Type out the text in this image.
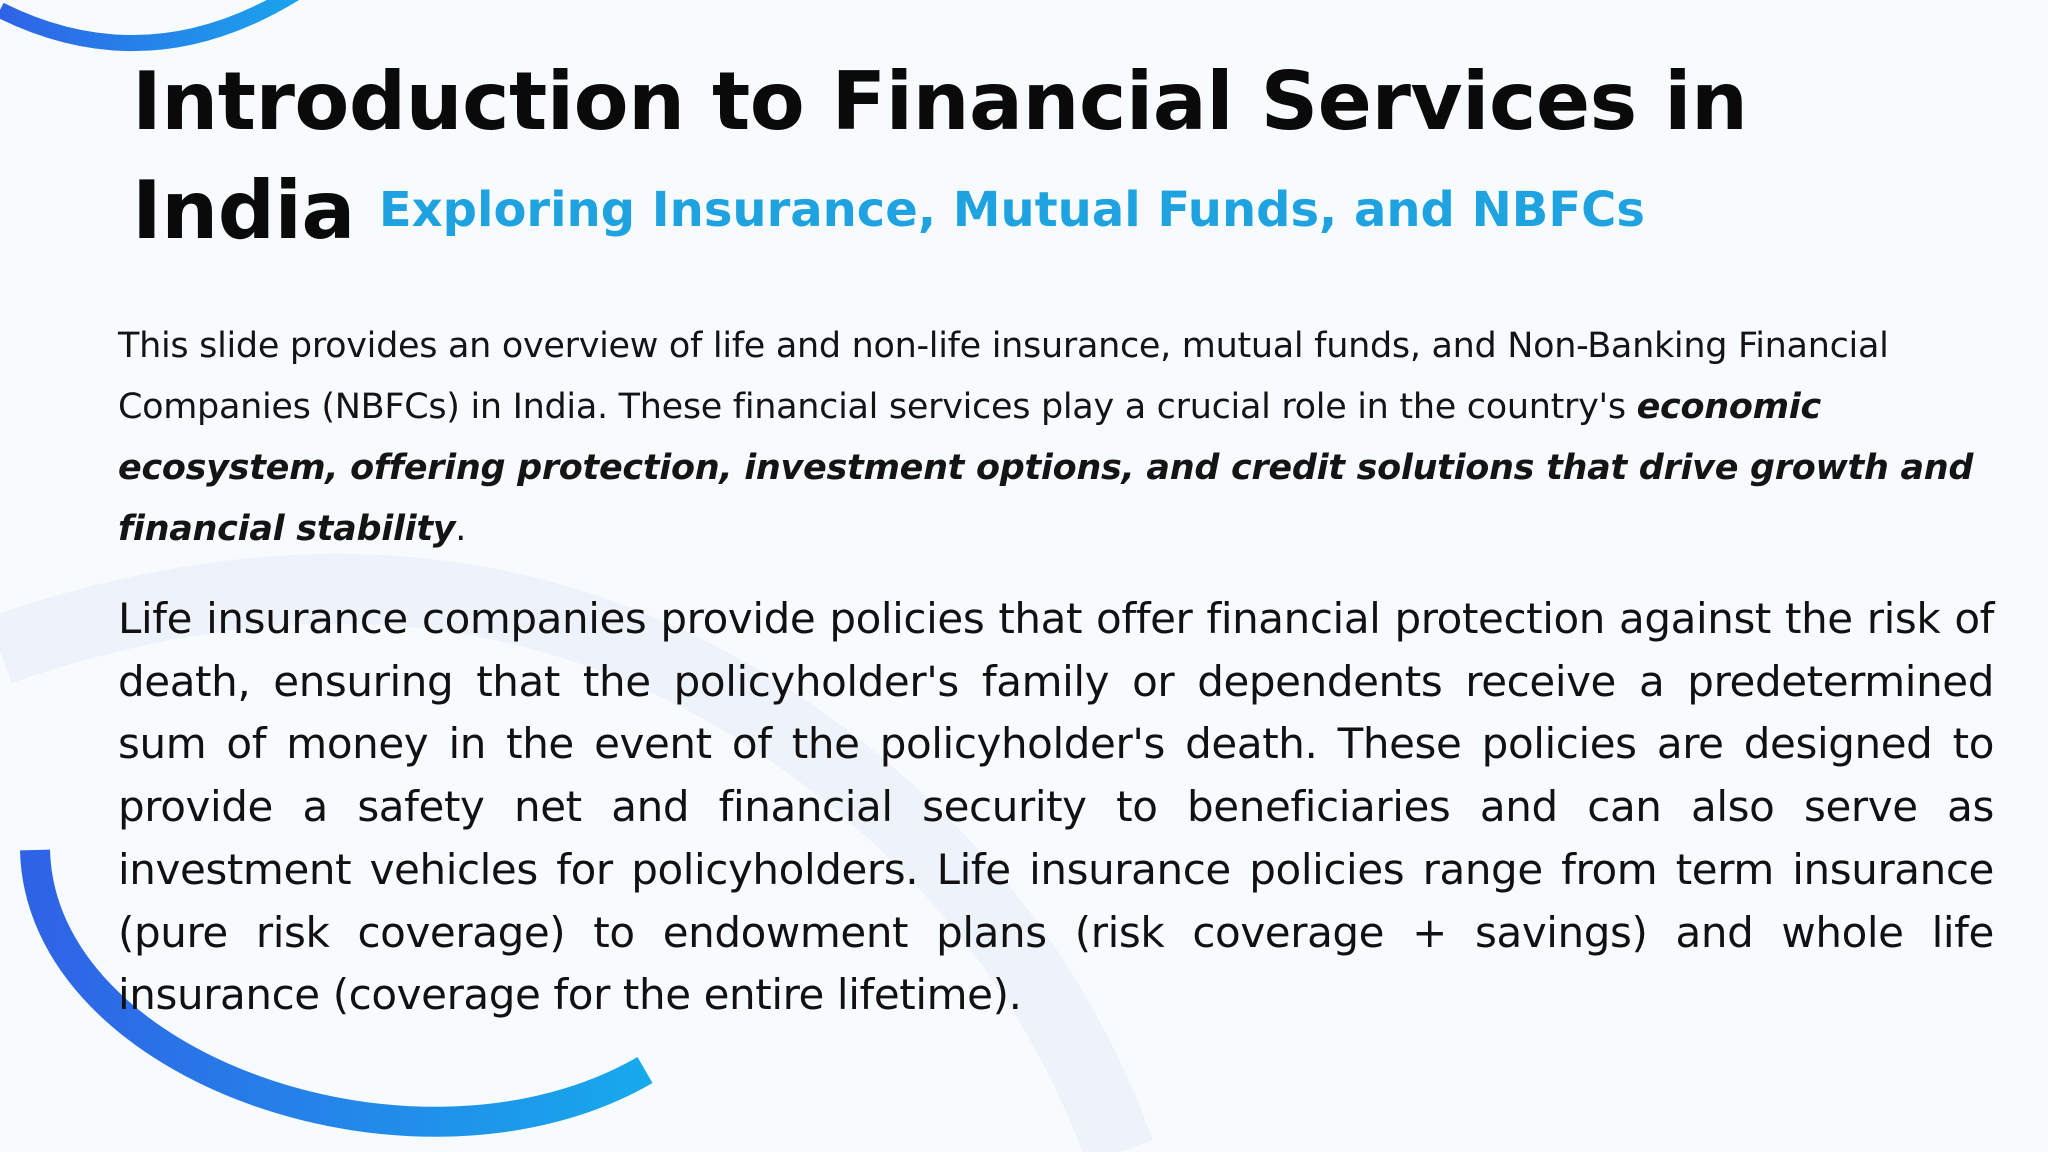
Introduction to Financial Services in India Exploring Insurance, Mutual Funds, and NBFCs

This slide provides an overview of life and non-life insurance, mutual funds, and Non-Banking Financial Companies (NBFCs) in India. These financial services play a crucial role in the country's economic ecosystem, offering protection, investment options, and credit solutions that drive growth and financial stability.

Life insurance companies provide policies that offer financial protection against the risk of death, ensuring that the policyholder's family or dependents receive a predetermined sum of money in the event of the policyholder's death. These policies are designed to provide a safety net and financial security to beneficiaries and can also serve as investment vehicles for policyholders. Life insurance policies range from term insurance (pure risk coverage) to endowment plans (risk coverage + savings) and whole life insurance (coverage for the entire lifetime).
